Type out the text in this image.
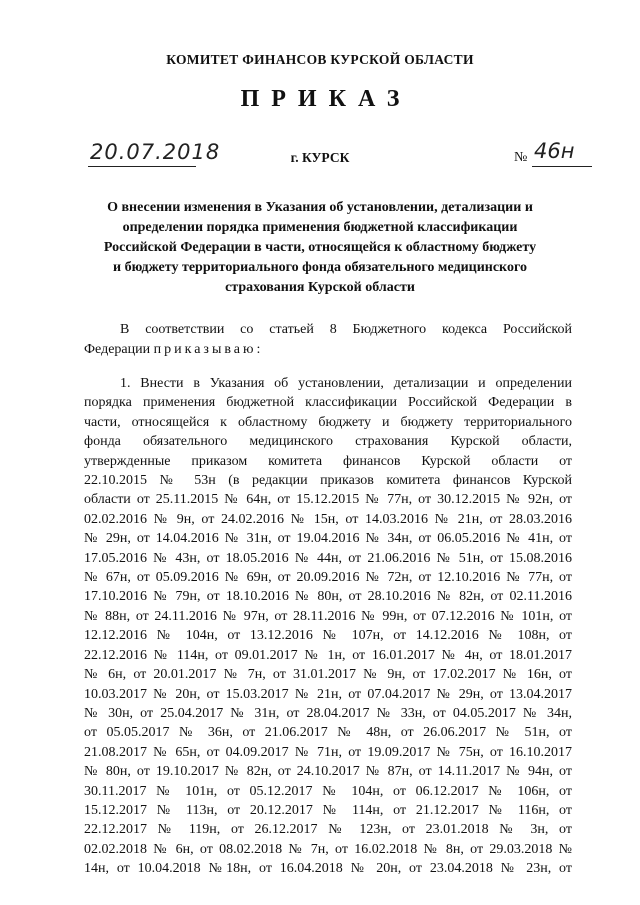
КОМИТЕТ ФИНАНСОВ КУРСКОЙ ОБЛАСТИ
ПРИКАЗ
20.07.2018	г. КУРСК	№ 46н
О внесении изменения в Указания об установлении, детализации и
определении порядка применения бюджетной классификации
Российской Федерации в части, относящейся к областному бюджету
и бюджету территориального фонда обязательного медицинского
страхования Курской области
В соответствии со статьей 8 Бюджетного кодекса Российской
Федерации приказываю:
1. Внести в Указания об установлении, детализации и определении
порядка применения бюджетной классификации Российской Федерации в
части, относящейся к областному бюджету и бюджету территориального
фонда обязательного медицинского страхования Курской области,
утвержденные приказом комитета финансов Курской области от
22.10.2015 № 53н (в редакции приказов комитета финансов Курской
области от 25.11.2015 № 64н, от 15.12.2015 № 77н, от 30.12.2015 № 92н, от
02.02.2016 № 9н, от 24.02.2016 № 15н, от 14.03.2016 № 21н, от 28.03.2016
№ 29н, от 14.04.2016 № 31н, от 19.04.2016 № 34н, от 06.05.2016 № 41н, от
17.05.2016 № 43н, от 18.05.2016 № 44н, от 21.06.2016 № 51н, от 15.08.2016
№ 67н, от 05.09.2016 № 69н, от 20.09.2016 № 72н, от 12.10.2016 № 77н, от
17.10.2016 № 79н, от 18.10.2016 № 80н, от 28.10.2016 № 82н, от 02.11.2016
№ 88н, от 24.11.2016 № 97н, от 28.11.2016 № 99н, от 07.12.2016 № 101н, от
12.12.2016 № 104н, от 13.12.2016 № 107н, от 14.12.2016 № 108н, от
22.12.2016 № 114н, от 09.01.2017 № 1н, от 16.01.2017 № 4н, от 18.01.2017
№ 6н, от 20.01.2017 № 7н, от 31.01.2017 № 9н, от 17.02.2017 № 16н, от
10.03.2017 № 20н, от 15.03.2017 № 21н, от 07.04.2017 № 29н, от 13.04.2017
№ 30н, от 25.04.2017 № 31н, от 28.04.2017 № 33н, от 04.05.2017 № 34н,
от 05.05.2017 № 36н, от 21.06.2017 № 48н, от 26.06.2017 № 51н, от
21.08.2017 № 65н, от 04.09.2017 № 71н, от 19.09.2017 № 75н, от 16.10.2017
№ 80н, от 19.10.2017 № 82н, от 24.10.2017 № 87н, от 14.11.2017 № 94н, от
30.11.2017 № 101н, от 05.12.2017 № 104н, от 06.12.2017 № 106н, от
15.12.2017 № 113н, от 20.12.2017 № 114н, от 21.12.2017 № 116н, от
22.12.2017 № 119н, от 26.12.2017 № 123н, от 23.01.2018 № 3н, от
02.02.2018 № 6н, от 08.02.2018 № 7н, от 16.02.2018 № 8н, от 29.03.2018 №
14н, от 10.04.2018 №18н, от 16.04.2018 № 20н, от 23.04.2018 № 23н, от
